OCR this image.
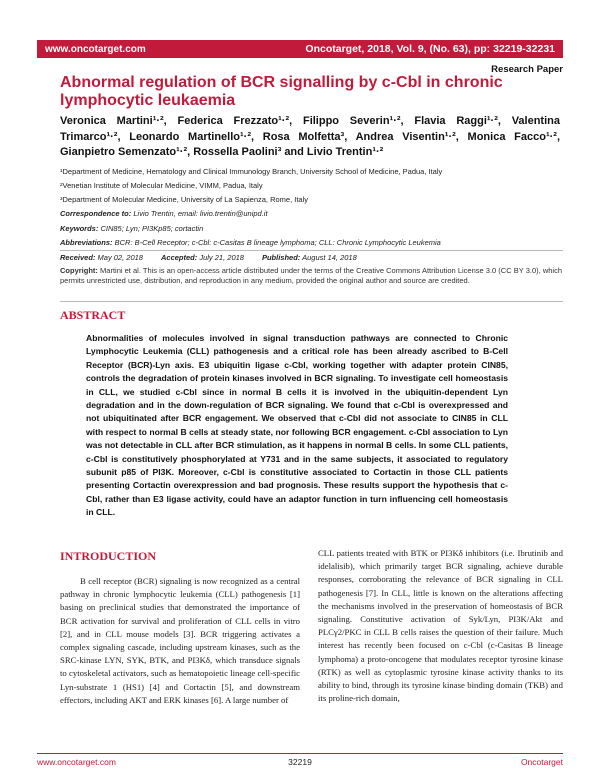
www.oncotarget.com	Oncotarget, 2018, Vol. 9, (No. 63), pp: 32219-32231
Research Paper
Abnormal regulation of BCR signalling by c-Cbl in chronic lymphocytic leukaemia
Veronica Martini¹·², Federica Frezzato¹·², Filippo Severin¹·², Flavia Raggi¹·², Valentina Trimarco¹·², Leonardo Martinello¹·², Rosa Molfetta³, Andrea Visentin¹·², Monica Facco¹·², Gianpietro Semenzato¹·², Rossella Paolini³ and Livio Trentin¹·²
¹Department of Medicine, Hematology and Clinical Immunology Branch, University School of Medicine, Padua, Italy
²Venetian Institute of Molecular Medicine, VIMM, Padua, Italy
³Department of Molecular Medicine, University of La Sapienza, Rome, Italy
Correspondence to: Livio Trentin, email: livio.trentin@unipd.it
Keywords: CIN85; Lyn; PI3Kp85; cortactin
Abbreviations: BCR: B-Cell Receptor; c-Cbl: c-Casitas B lineage lymphoma; CLL: Chronic Lymphocytic Leukemia
Received: May 02, 2018 Accepted: July 21, 2018 Published: August 14, 2018
Copyright: Martini et al. This is an open-access article distributed under the terms of the Creative Commons Attribution License 3.0 (CC BY 3.0), which permits unrestricted use, distribution, and reproduction in any medium, provided the original author and source are credited.
ABSTRACT
Abnormalities of molecules involved in signal transduction pathways are connected to Chronic Lymphocytic Leukemia (CLL) pathogenesis and a critical role has been already ascribed to B-Cell Receptor (BCR)-Lyn axis. E3 ubiquitin ligase c-Cbl, working together with adapter protein CIN85, controls the degradation of protein kinases involved in BCR signaling. To investigate cell homeostasis in CLL, we studied c-Cbl since in normal B cells it is involved in the ubiquitin-dependent Lyn degradation and in the down-regulation of BCR signaling. We found that c-Cbl is overexpressed and not ubiquitinated after BCR engagement. We observed that c-Cbl did not associate to CIN85 in CLL with respect to normal B cells at steady state, nor following BCR engagement. c-Cbl association to Lyn was not detectable in CLL after BCR stimulation, as it happens in normal B cells. In some CLL patients, c-Cbl is constitutively phosphorylated at Y731 and in the same subjects, it associated to regulatory subunit p85 of PI3K. Moreover, c-Cbl is constitutive associated to Cortactin in those CLL patients presenting Cortactin overexpression and bad prognosis. These results support the hypothesis that c-Cbl, rather than E3 ligase activity, could have an adaptor function in turn influencing cell homeostasis in CLL.
INTRODUCTION
B cell receptor (BCR) signaling is now recognized as a central pathway in chronic lymphocytic leukemia (CLL) pathogenesis [1] basing on preclinical studies that demonstrated the importance of BCR activation for survival and proliferation of CLL cells in vitro [2], and in CLL mouse models [3]. BCR triggering activates a complex signaling cascade, including upstream kinases, such as the SRC-kinase LYN, SYK, BTK, and PI3Kδ, which transduce signals to cytoskeletal activators, such as hematopoietic lineage cell-specific Lyn-substrate 1 (HS1) [4] and Cortactin [5], and downstream effectors, including AKT and ERK kinases [6]. A large number of
CLL patients treated with BTK or PI3Kδ inhibitors (i.e. Ibrutinib and idelalisib), which primarily target BCR signaling, achieve durable responses, corroborating the relevance of BCR signaling in CLL pathogenesis [7]. In CLL, little is known on the alterations affecting the mechanisms involved in the preservation of homeostasis of BCR signaling. Constitutive activation of Syk/Lyn, PI3K/Akt and PLCγ2/PKC in CLL B cells raises the question of their failure. Much interest has recently been focused on c-Cbl (c-Casitas B lineage lymphoma) a proto-oncogene that modulates receptor tyrosine kinase (RTK) as well as cytoplasmic tyrosine kinase activity thanks to its ability to bind, through its tyrosine kinase binding domain (TKB) and its proline-rich domain,
www.oncotarget.com	32219	Oncotarget
